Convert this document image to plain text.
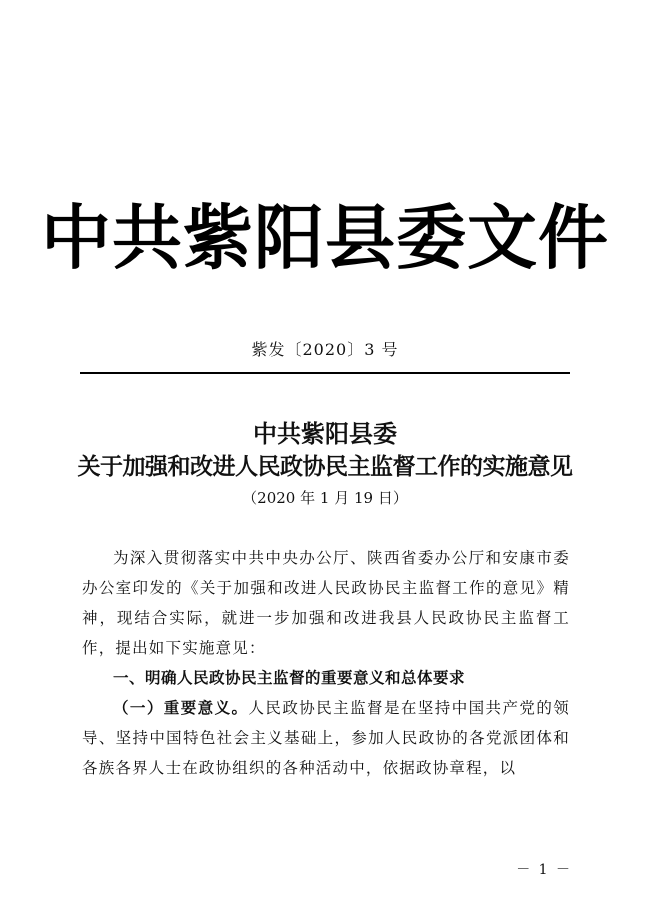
中共紫阳县委文件
紫发〔2020〕3 号
中共紫阳县委
关于加强和改进人民政协民主监督工作的实施意见
（2020 年 1 月 19 日）

为深入贯彻落实中共中央办公厅、陕西省委办公厅和安康市委办公室印发的《关于加强和改进人民政协民主监督工作的意见》精神，现结合实际，就进一步加强和改进我县人民政协民主监督工作，提出如下实施意见：

一、明确人民政协民主监督的重要意义和总体要求

（一）重要意义。人民政协民主监督是在坚持中国共产党的领导、坚持中国特色社会主义基础上，参加人民政协的各党派团体和各族各界人士在政协组织的各种活动中，依据政协章程，以

－ 1 －
